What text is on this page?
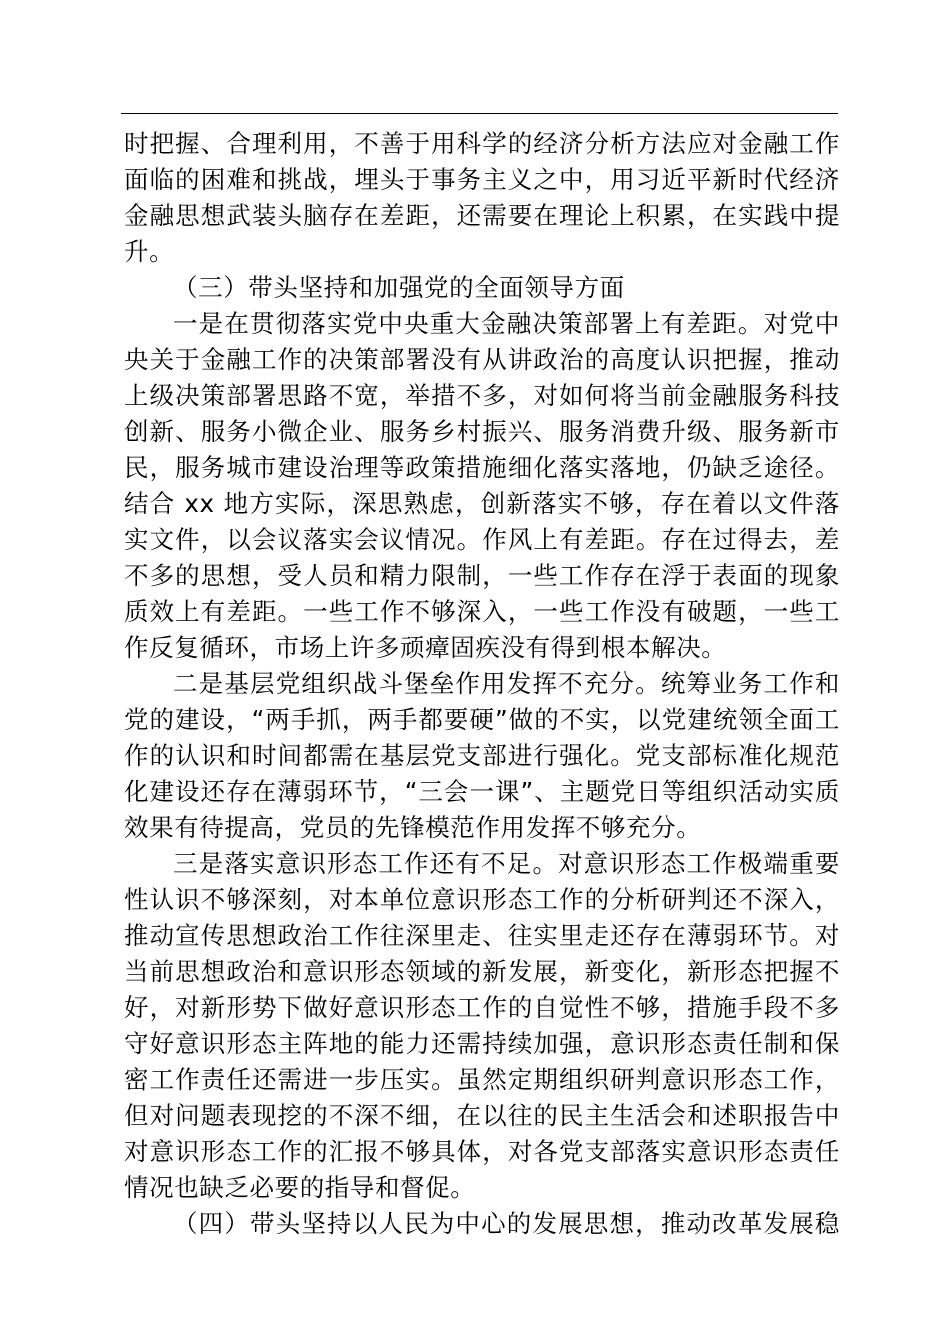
时把握、合理利用，不善于用科学的经济分析方法应对金融工作
面临的困难和挑战，埋头于事务主义之中，用习近平新时代经济
金融思想武装头脑存在差距，还需要在理论上积累，在实践中提
升。
（三）带头坚持和加强党的全面领导方面
一是在贯彻落实党中央重大金融决策部署上有差距。对党中
央关于金融工作的决策部署没有从讲政治的高度认识把握，推动
上级决策部署思路不宽，举措不多，对如何将当前金融服务科技
创新、服务小微企业、服务乡村振兴、服务消费升级、服务新市
民，服务城市建设治理等政策措施细化落实落地，仍缺乏途径。
结合 xx 地方实际，深思熟虑，创新落实不够，存在着以文件落
实文件，以会议落实会议情况。作风上有差距。存在过得去，差
不多的思想，受人员和精力限制，一些工作存在浮于表面的现象
质效上有差距。一些工作不够深入，一些工作没有破题，一些工
作反复循环，市场上许多顽瘴固疾没有得到根本解决。
二是基层党组织战斗堡垒作用发挥不充分。统筹业务工作和
党的建设，“两手抓，两手都要硬”做的不实，以党建统领全面工
作的认识和时间都需在基层党支部进行强化。党支部标准化规范
化建设还存在薄弱环节，“三会一课”、主题党日等组织活动实质
效果有待提高，党员的先锋模范作用发挥不够充分。
三是落实意识形态工作还有不足。对意识形态工作极端重要
性认识不够深刻，对本单位意识形态工作的分析研判还不深入，
推动宣传思想政治工作往深里走、往实里走还存在薄弱环节。对
当前思想政治和意识形态领域的新发展，新变化，新形态把握不
好，对新形势下做好意识形态工作的自觉性不够，措施手段不多
守好意识形态主阵地的能力还需持续加强，意识形态责任制和保
密工作责任还需进一步压实。虽然定期组织研判意识形态工作，
但对问题表现挖的不深不细，在以往的民主生活会和述职报告中
对意识形态工作的汇报不够具体，对各党支部落实意识形态责任
情况也缺乏必要的指导和督促。
（四）带头坚持以人民为中心的发展思想，推动改革发展稳
